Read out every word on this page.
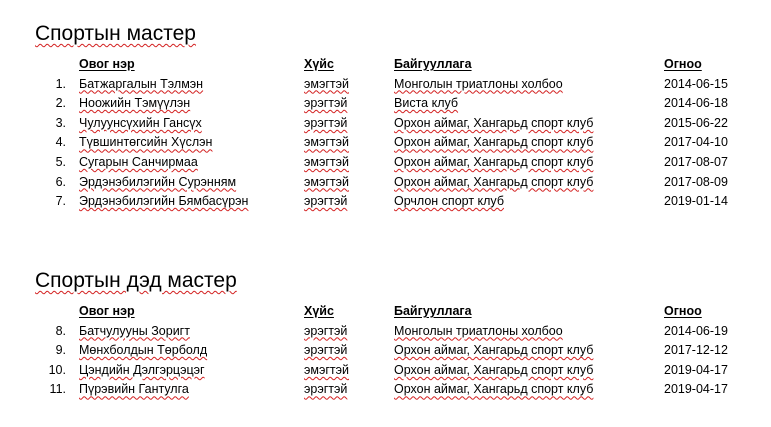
Спортын мастер
Овог нэр	Хүйс	Байгууллага	Огноо
1. Батжаргалын Тэлмэн	эмэгтэй	Монголын триатлоны холбоо	2014-06-15
2. Ноожийн Тэмүүлэн	эрэгтэй	Виста клуб	2014-06-18
3. Чулуунсүхийн Гансүх	эрэгтэй	Орхон аймаг, Хангарьд спорт клуб	2015-06-22
4. Түвшинтөгсийн Хүслэн	эмэгтэй	Орхон аймаг, Хангарьд спорт клуб	2017-04-10
5. Сугарын Санчирмаа	эмэгтэй	Орхон аймаг, Хангарьд спорт клуб	2017-08-07
6. Эрдэнэбилэгийн Сурэнням	эмэгтэй	Орхон аймаг, Хангарьд спорт клуб	2017-08-09
7. Эрдэнэбилэгийн Бямбасүрэн	эрэгтэй	Орчлон спорт клуб	2019-01-14
Спортын дэд мастер
Овог нэр	Хүйс	Байгууллага	Огноо
8. Батчулууны Зоригт	эрэгтэй	Монголын триатлоны холбоо	2014-06-19
9. Мөнхболдын Төрболд	эрэгтэй	Орхон аймаг, Хангарьд спорт клуб	2017-12-12
10. Цэндийн Дэлгэрцэцэг	эмэгтэй	Орхон аймаг, Хангарьд спорт клуб	2019-04-17
11. Пүрэвийн Гантулга	эрэгтэй	Орхон аймаг, Хангарьд спорт клуб	2019-04-17
